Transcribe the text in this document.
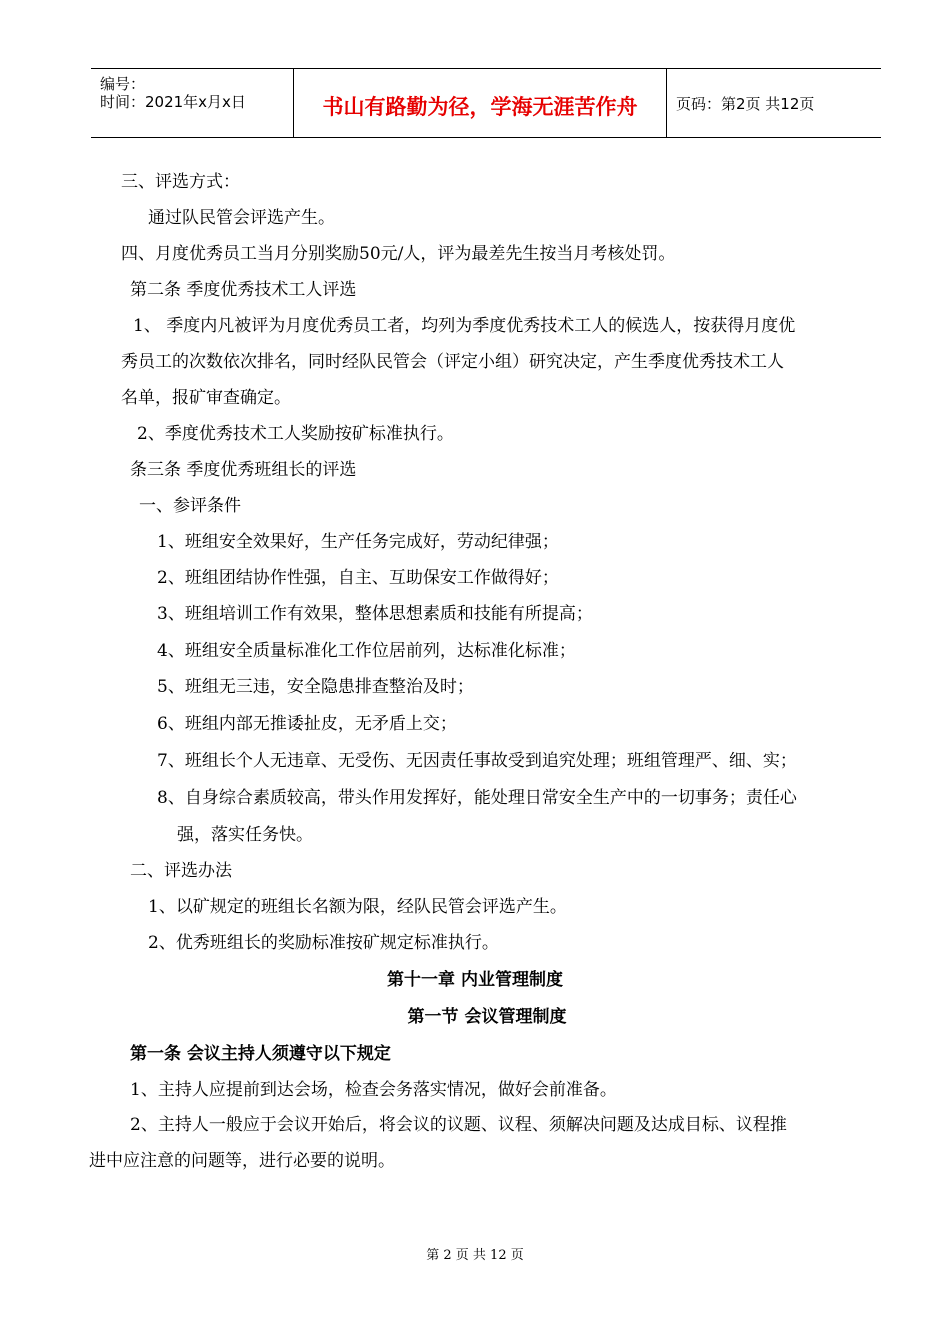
编号：
时间：2021年x月x日	书山有路勤为径，学海无涯苦作舟	页码：第2页 共12页
三、评选方式：
通过队民管会评选产生。
四、月度优秀员工当月分别奖励50元/人，评为最差先生按当月考核处罚。
第二条 季度优秀技术工人评选
1、 季度内凡被评为月度优秀员工者，均列为季度优秀技术工人的候选人，按获得月度优
秀员工的次数依次排名，同时经队民管会（评定小组）研究决定，产生季度优秀技术工人
名单，报矿审查确定。
2、季度优秀技术工人奖励按矿标准执行。
条三条 季度优秀班组长的评选
一、参评条件
1、班组安全效果好，生产任务完成好，劳动纪律强；
2、班组团结协作性强，自主、互助保安工作做得好；
3、班组培训工作有效果，整体思想素质和技能有所提高；
4、班组安全质量标准化工作位居前列，达标准化标准；
5、班组无三违，安全隐患排查整治及时；
6、班组内部无推诿扯皮，无矛盾上交；
7、班组长个人无违章、无受伤、无因责任事故受到追究处理；班组管理严、细、实；
8、自身综合素质较高，带头作用发挥好，能处理日常安全生产中的一切事务；责任心
强，落实任务快。
二、评选办法
1、以矿规定的班组长名额为限，经队民管会评选产生。
2、优秀班组长的奖励标准按矿规定标准执行。
第十一章 内业管理制度
第一节 会议管理制度
第一条 会议主持人须遵守以下规定
1、主持人应提前到达会场，检查会务落实情况，做好会前准备。
2、主持人一般应于会议开始后，将会议的议题、议程、须解决问题及达成目标、议程推
进中应注意的问题等，进行必要的说明。
第 2 页 共 12 页
